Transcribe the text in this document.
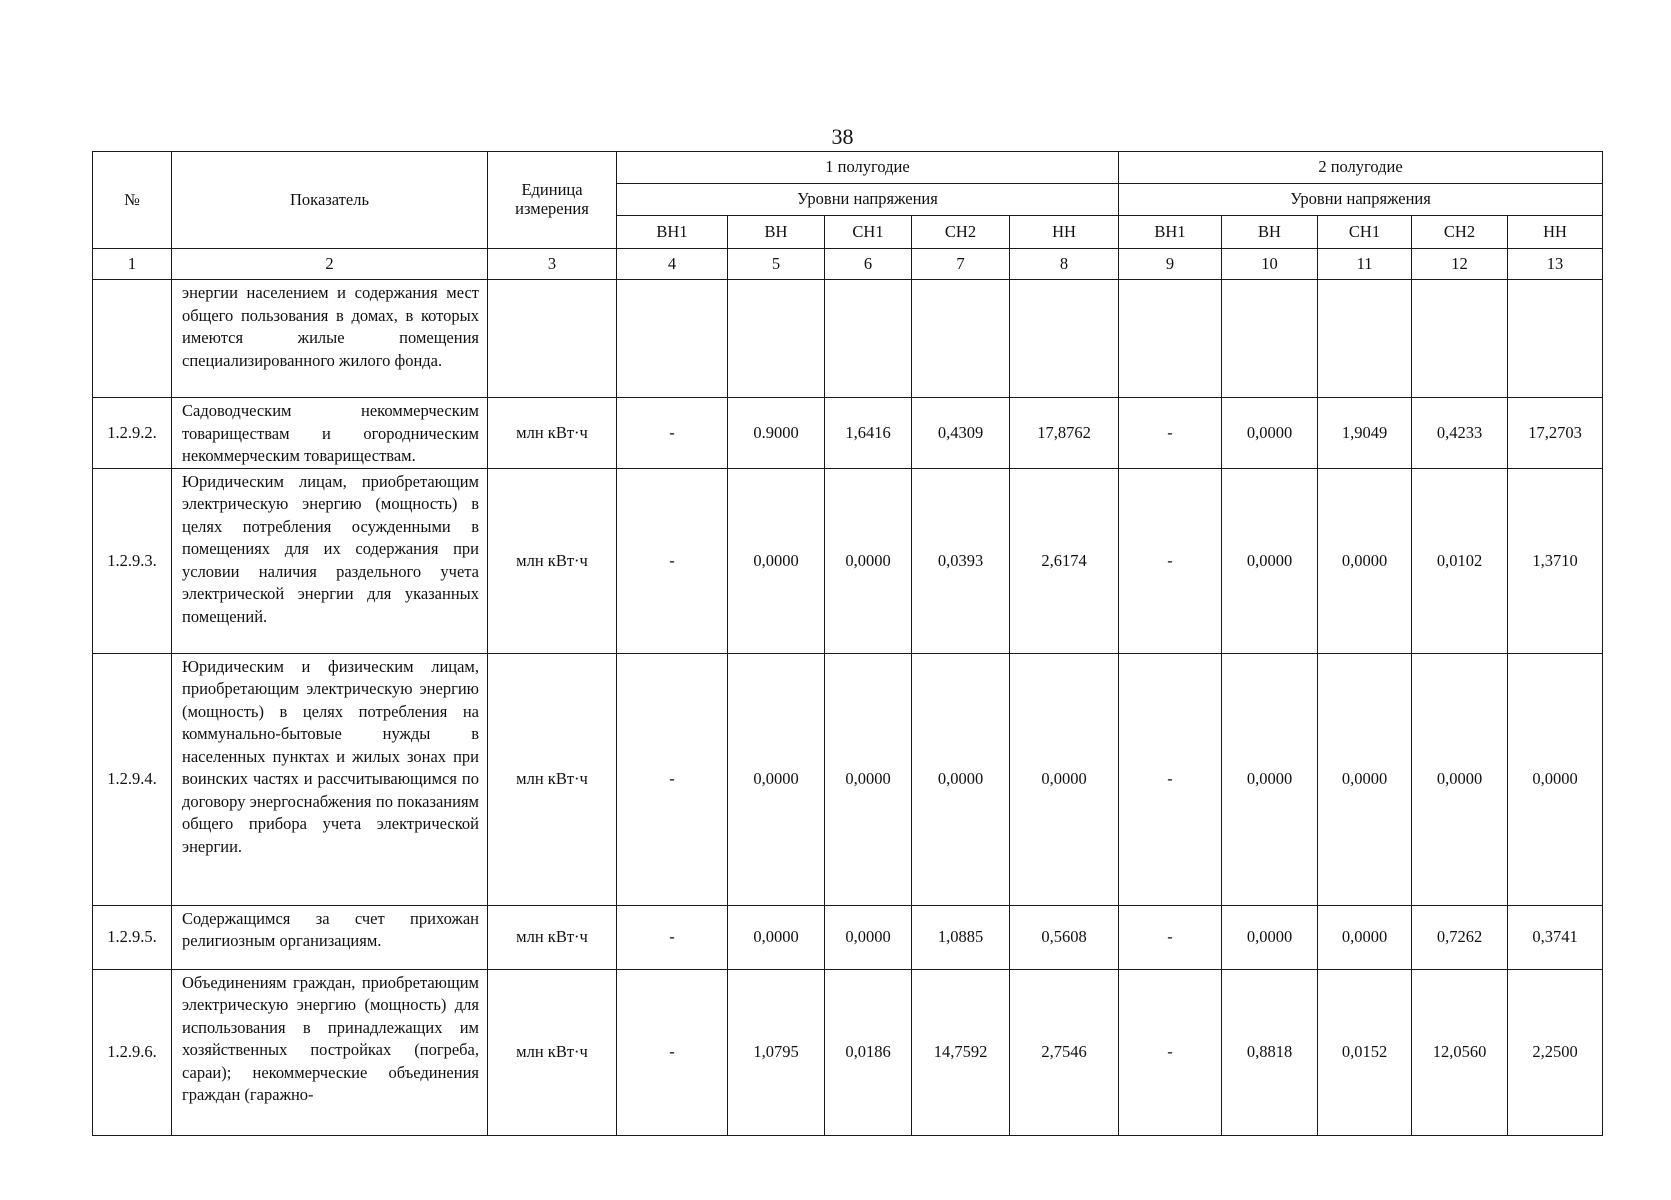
38
№	Показатель	Единица измерения	1 полугодие					2 полугодие				
			Уровни напряжения					Уровни напряжения				
			ВН1	ВН	СН1	СН2	НН	ВН1	ВН	СН1	СН2	НН
1	2	3	4	5	6	7	8	9	10	11	12	13
	энергии населением и содержания мест общего пользования в домах, в которых имеются жилые помещения специализированного жилого фонда.											
1.2.9.2.	Садоводческим некоммерческим товариществам и огородническим некоммерческим товариществам.	млн кВт·ч	-	0.9000	1,6416	0,4309	17,8762	-	0,0000	1,9049	0,4233	17,2703
1.2.9.3.	Юридическим лицам, приобретающим электрическую энергию (мощность) в целях потребления осужденными в помещениях для их содержания при условии наличия раздельного учета электрической энергии для указанных помещений.	млн кВт·ч	-	0,0000	0,0000	0,0393	2,6174	-	0,0000	0,0000	0,0102	1,3710
1.2.9.4.	Юридическим и физическим лицам, приобретающим электрическую энергию (мощность) в целях потребления на коммунально-бытовые нужды в населенных пунктах и жилых зонах при воинских частях и рассчитывающимся по договору энергоснабжения по показаниям общего прибора учета электрической энергии.	млн кВт·ч	-	0,0000	0,0000	0,0000	0,0000	-	0,0000	0,0000	0,0000	0,0000
1.2.9.5.	Содержащимся за счет прихожан религиозным организациям.	млн кВт·ч	-	0,0000	0,0000	1,0885	0,5608	-	0,0000	0,0000	0,7262	0,3741
1.2.9.6.	Объединениям граждан, приобретающим электрическую энергию (мощность) для использования в принадлежащих им хозяйственных постройках (погреба, сараи); некоммерческие объединения граждан (гаражно-	млн кВт·ч	-	1,0795	0,0186	14,7592	2,7546	-	0,8818	0,0152	12,0560	2,2500
